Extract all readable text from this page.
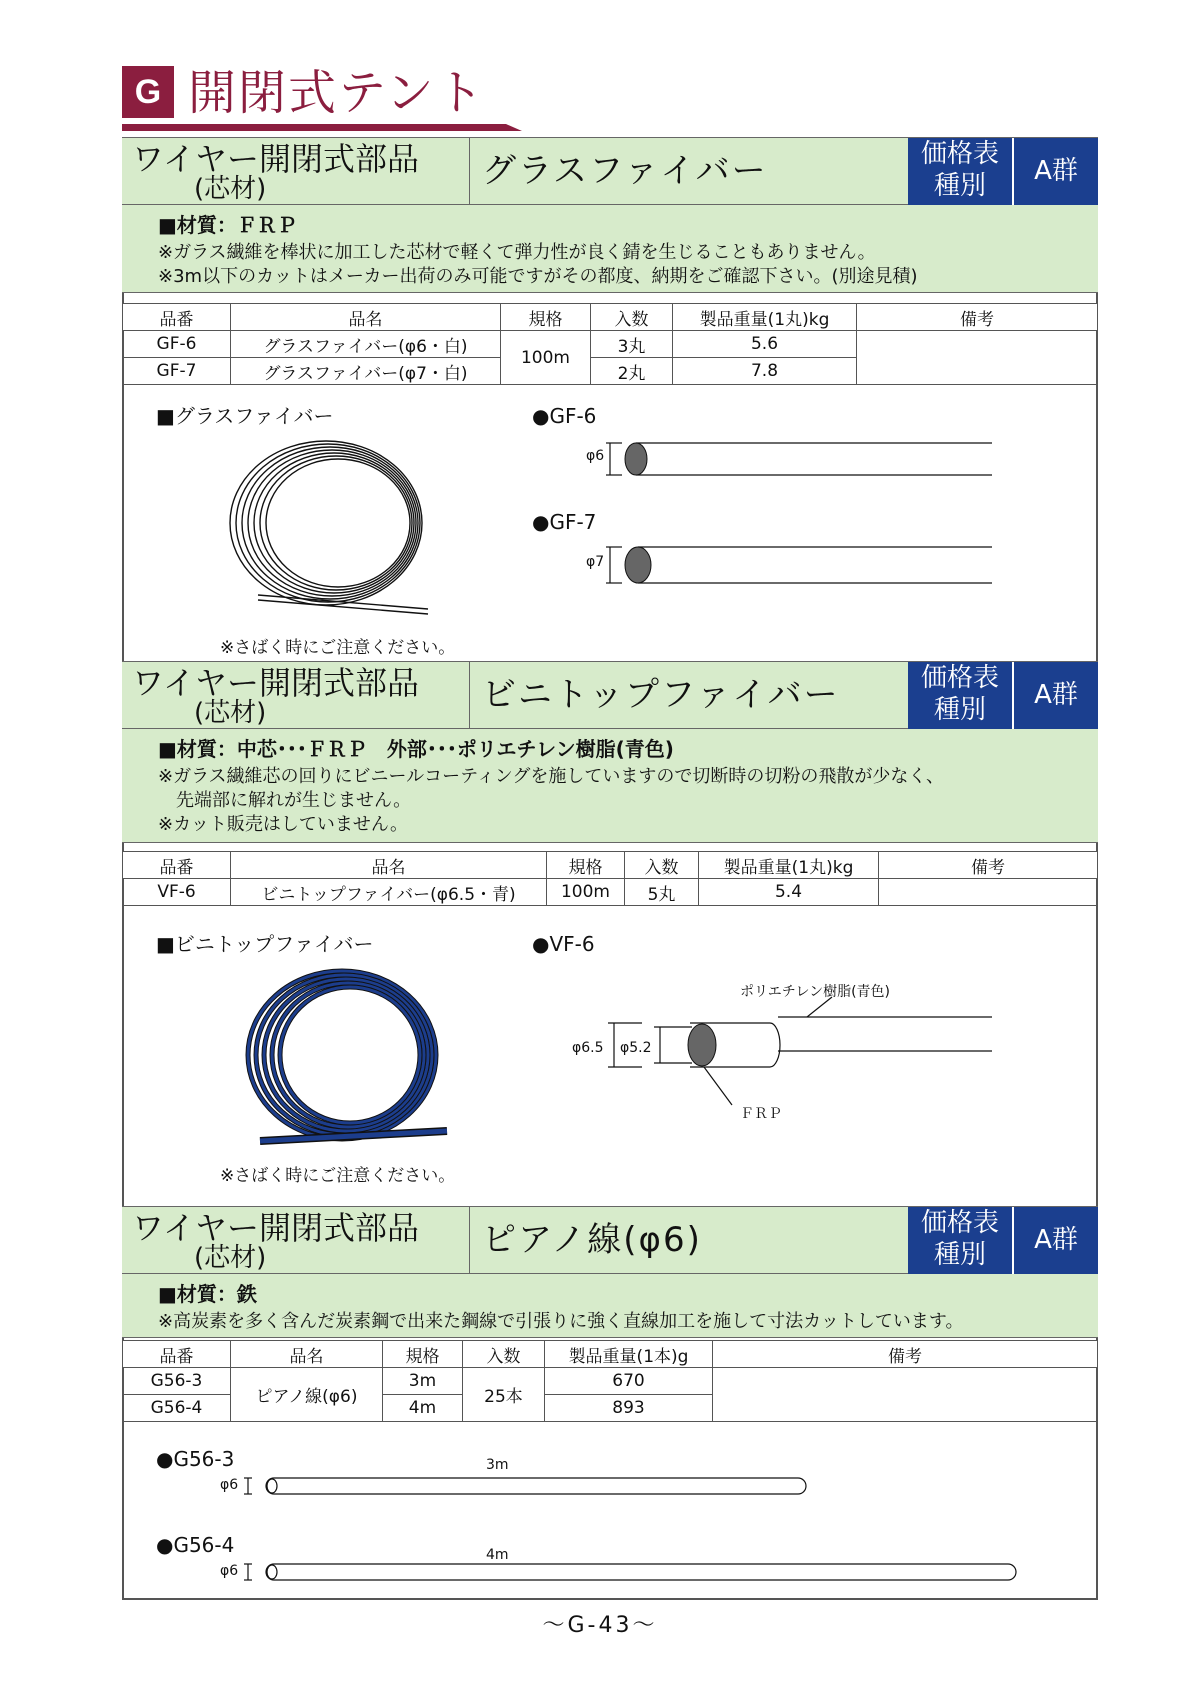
G 開閉式テント
ワイヤー開閉式部品
(芯材)	グラスファイバー	価格表
種別	A群
■材質：ＦＲＰ
※ガラス繊維を棒状に加工した芯材で軽くて弾力性が良く錆を生じることもありません。
※3m以下のカットはメーカー出荷のみ可能ですがその都度、納期をご確認下さい。(別途見積)
品番	品名	規格	入数	製品重量(1丸)kg	備考
GF-6	グラスファイバー(φ6・白)	100m	3丸	5.6	
GF-7	グラスファイバー(φ7・白)		2丸	7.8	
■グラスファイバー
※さばく時にご注意ください。
●GF-6
φ6
●GF-7
φ7
ワイヤー開閉式部品
(芯材)	ビニトップファイバー	価格表
種別	A群
■材質：中芯･･･ＦＲＰ　外部･･･ポリエチレン樹脂(青色)
※ガラス繊維芯の回りにビニールコーティングを施していますので切断時の切粉の飛散が少なく、
　先端部に解れが生じません。
※カット販売はしていません。
品番	品名	規格	入数	製品重量(1丸)kg	備考
VF-6	ビニトップファイバー(φ6.5・青)	100m	5丸	5.4	
■ビニトップファイバー
※さばく時にご注意ください。
●VF-6
ポリエチレン樹脂(青色)
ＦＲＰ
φ6.5 φ5.2
ワイヤー開閉式部品
(芯材)	ピアノ線(φ6)	価格表
種別	A群
■材質：鉄
※高炭素を多く含んだ炭素鋼で出来た鋼線で引張りに強く直線加工を施して寸法カットしています。
品番	品名	規格	入数	製品重量(1本)g	備考
G56-3	ピアノ線(φ6)	3m	25本	670	
G56-4		4m		893	
●G56-3
φ6
3m
●G56-4
φ6
4m
～G-43～
